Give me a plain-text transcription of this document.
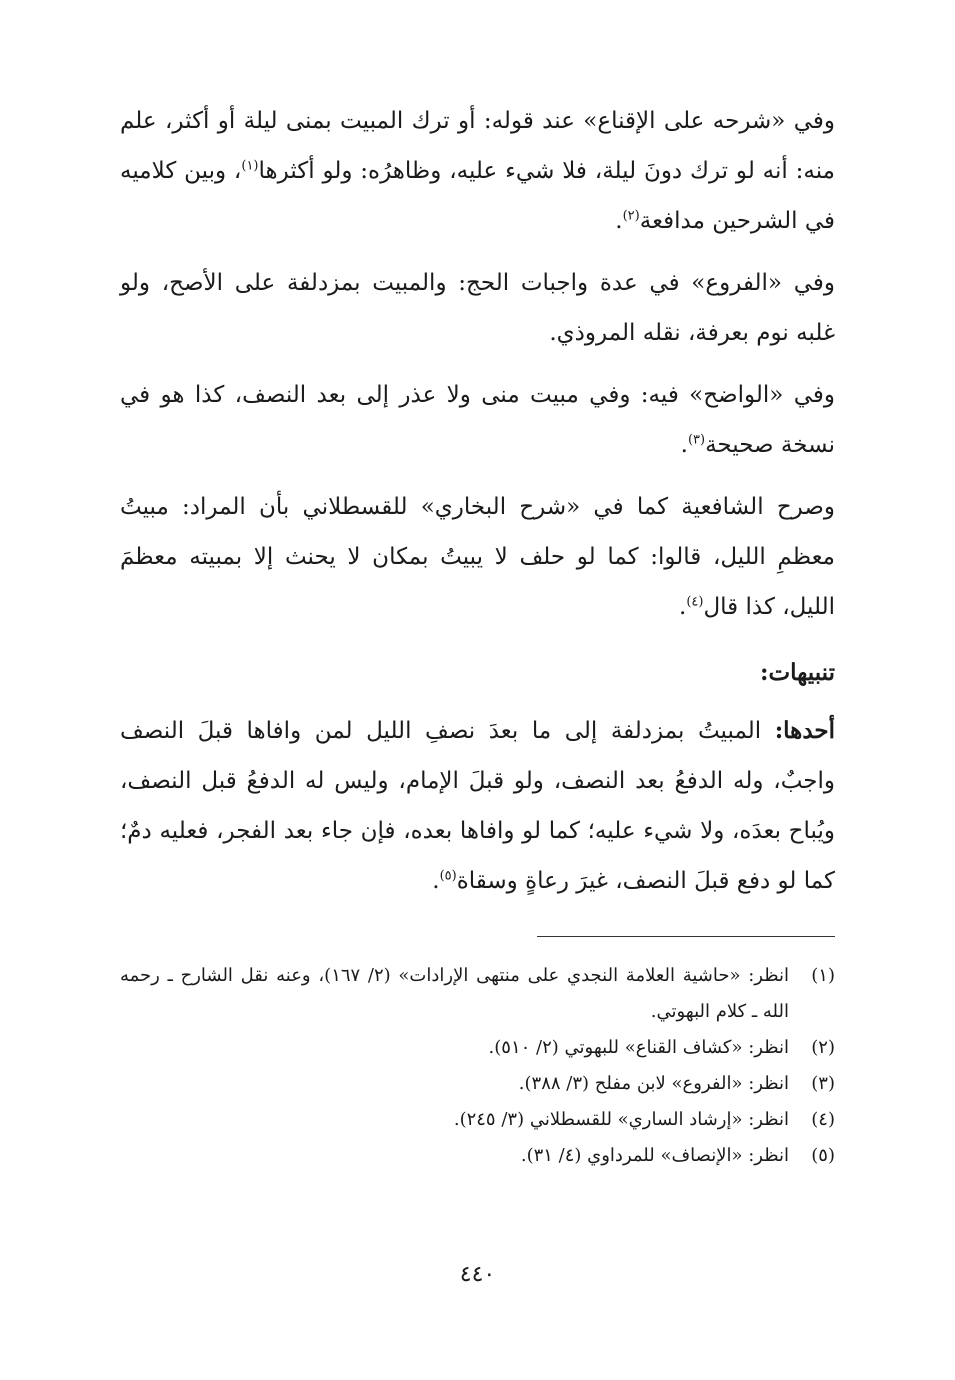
وفي «شرحه على الإقناع» عند قوله: أو ترك المبيت بمنى ليلة أو أكثر، علم منه: أنه لو ترك دونَ ليلة، فلا شيء عليه، وظاهرُه: ولو أكثرها$^{(١)}$، وبين كلاميه في الشرحين مدافعة$^{(٢)}$.

وفي «الفروع» في عدة واجبات الحج: والمبيت بمزدلفة على الأصح، ولو غلبه نوم بعرفة، نقله المروذي.

وفي «الواضح» فيه: وفي مبيت منى ولا عذر إلى بعد النصف، كذا هو في نسخة صحيحة$^{(٣)}$.

وصرح الشافعية كما في «شرح البخاري» للقسطلاني بأن المراد: مبيتُ معظمِ الليل، قالوا: كما لو حلف لا يبيتُ بمكان لا يحنث إلا بمبيته معظمَ الليل، كذا قال$^{(٤)}$.

تنبيهات:

أحدها: المبيتُ بمزدلفة إلى ما بعدَ نصفِ الليل لمن وافاها قبلَ النصف واجبٌ، وله الدفعُ بعد النصف، ولو قبلَ الإمام، وليس له الدفعُ قبل النصف، ويُباح بعدَه، ولا شيء عليه؛ كما لو وافاها بعده، فإن جاء بعد الفجر، فعليه دمٌ؛ كما لو دفع قبلَ النصف، غيرَ رعاةٍ وسقاة$^{(٥)}$.

(١)
انظر: «حاشية العلامة النجدي على منتهى الإرادات» (٢/ ١٦٧)، وعنه نقل الشارح ـ رحمه الله ـ كلام البهوتي.
(٢)
انظر: «كشاف القناع» للبهوتي (٢/ ٥١٠).
(٣)
انظر: «الفروع» لابن مفلح (٣/ ٣٨٨).
(٤)
انظر: «إرشاد الساري» للقسطلاني (٣/ ٢٤٥).
(٥)
انظر: «الإنصاف» للمرداوي (٤/ ٣١).
٤٤٠
